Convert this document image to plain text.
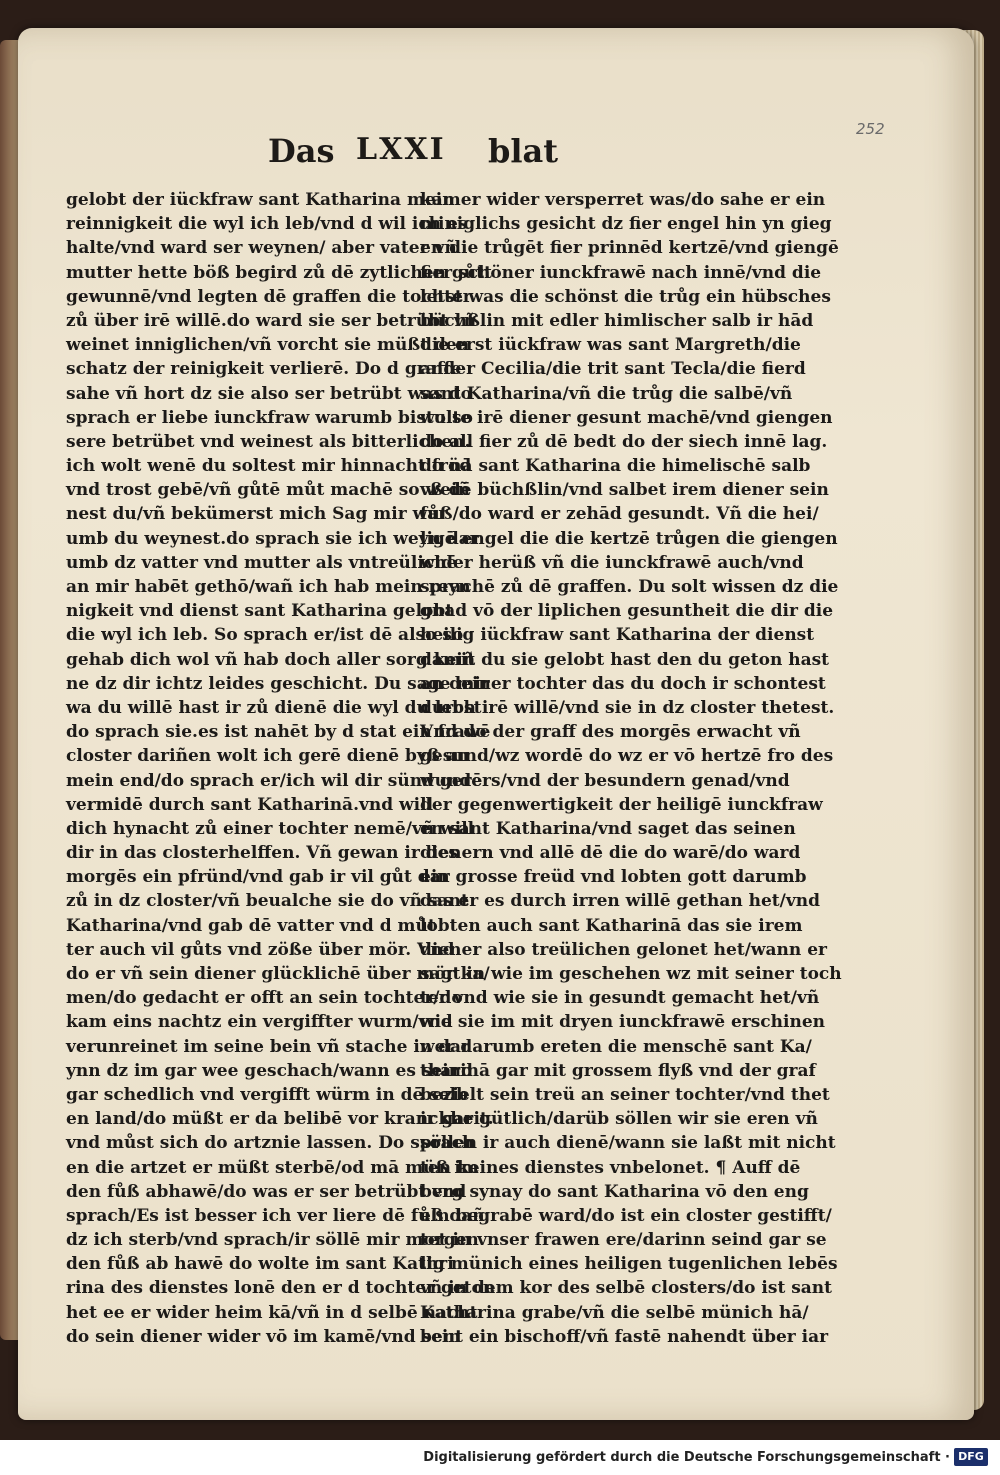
252
Das LXXI blat
gelobt der iückfraw sant Katharina mein
reinnigkeit die wyl ich leb/vnd d wil ich es
halte/vnd ward ser weynen/ aber vater vñ
mutter hette böß begird zů dē zytlichen gůtt
gewunnē/vnd legten dē graffen die tochter
zů über irē willē.do ward sie ser betrübt vñ
weinet inniglichen/vñ vorcht sie müßt den
schatz der reinigkeit verlierē. Do d graffe
sahe vñ hort dz sie also ser betrübt was do
sprach er liebe iunckfraw warumb bistu so
sere betrübet vnd weinest als bitterlichen.
ich wolt wenē du soltest mir hinnacht fröd
vnd trost gebē/vñ gůtē můt machē so weiñ
nest du/vñ bekümerst mich Sag mir war
umb du weynest.do sprach sie ich weyn dar
umb dz vatter vnd mutter als vntreülichē
an mir habēt gethō/wañ ich hab mein reyn
nigkeit vnd dienst sant Katharina gelobt
die wyl ich leb. So sprach er/ist dē also so
gehab dich wol vñ hab doch aller sorg keiñ
ne dz dir ichtz leides geschicht. Du sage mir
wa du willē hast ir zů dienē die wyl du lebst
do sprach sie.es ist nahēt by d stat ein frawē
closter dariñen wolt ich gerē dienē byß an
mein end/do sprach er/ich wil dir sünd gerē
vermidē durch sant Katharinā.vnd will
dich hynacht zů einer tochter nemē/vñ will
dir in das closterhelffen. Vñ gewan ir des
morgēs ein pfründ/vnd gab ir vil gůt dar
zů in dz closter/vñ beualche sie do vñ sant
Katharina/vnd gab dē vatter vnd d můt
ter auch vil gůts vnd zöße über mör. Vnd
do er vñ sein diener glücklichē über mör ka/
men/do gedacht er offt an sein tochter/do
kam eins nachtz ein vergiffter wurm/vnd
verunreinet im seine bein vñ stache in dar
ynn dz im gar wee geschach/wann es seind
gar schedlich vnd vergifft würm in dē selb
en land/do müßt er da belibē vor kranckheit.
vnd můst sich do artznie lassen. Do sprach
en die artzet er müßt sterbē/od mā müß im
den fůß abhawē/do was er ser betrübt vnd
sprach/Es ist besser ich ver liere dē fůß dañ
dz ich sterb/vnd sprach/ir söllē mir morgen
den fůß ab hawē do wolte im sant Kathri
rina des dienstes lonē den er d tochter geton
het ee er wider heim kā/vñ in d selbē nacht
do sein diener wider vō im kamē/vnd sein
kamer wider versperret was/do sahe er ein
miniglichs gesicht dz fier engel hin yn gieg
en die trůgēt fier prinnēd kertzē/vnd giengē
fier schöner iunckfrawē nach innē/vnd die
letst was die schönst die trůg ein hübsches
büchßlin mit edler himlischer salb ir hād
die erst iückfraw was sant Margreth/die
ander Cecilia/die trit sant Tecla/die fierd
sant Katharina/vñ die trůg die salbē/vñ
wolte irē diener gesunt machē/vnd giengen
do all fier zů dē bedt do der siech innē lag.
do nā sant Katharina die himelischē salb
vß dē büchßlin/vnd salbet irem diener sein
fůß/do ward er zehād gesundt. Vñ die hei/
ligē engel die die kertzē trůgen die giengen
wider herüß vñ die iunckfrawē auch/vnd
sprachē zů dē graffen. Du solt wissen dz die
gnad vō der liplichen gesuntheit die dir die
heilig iückfraw sant Katharina der dienst
damit du sie gelobt hast den du geton hast
an deiner tochter das du doch ir schontest
durch irē willē/vnd sie in dz closter thetest.
Vnd do der graff des morgēs erwacht vñ
gesund/wz wordē do wz er vō hertzē fro des
wunders/vnd der besundern genad/vnd
der gegenwertigkeit der heiligē iunckfraw
en sant Katharina/vnd saget das seinen
dienern vnd allē dē die do warē/do ward
ein grosse freüd vnd lobten gott darumb
das er es durch irren willē gethan het/vnd
lobten auch sant Katharinā das sie irem
diener also treülichen gelonet het/wann er
sagt in wie im geschehen wz mit seiner toch
ter vnd wie sie in gesundt gemacht het/vñ
wie sie im mit dryen iunckfrawē erschinen
wer darumb ereten die menschē sant Ka/
tharinā gar mit grossem flyß vnd der graf
bezielt sein treü an seiner tochter/vnd thet
ir gar gütlich/darüb söllen wir sie eren vñ
söllen ir auch dienē/wann sie laßt mit nicht
ten keines dienstes vnbelonet. ¶ Auff dē
berg synay do sant Katharina vō den eng
eln begrabē ward/do ist ein closter gestifft/
tet in vnser frawen ere/darinn seind gar se
lig münich eines heiligen tugenlichen lebēs
vñ in dem kor des selbē closters/do ist sant
Katharina grabe/vñ die selbē münich hā/
bent ein bischoff/vñ fastē nahendt über iar
Digitalisierung gefördert durch die Deutsche Forschungsgemeinschaft · DFG
